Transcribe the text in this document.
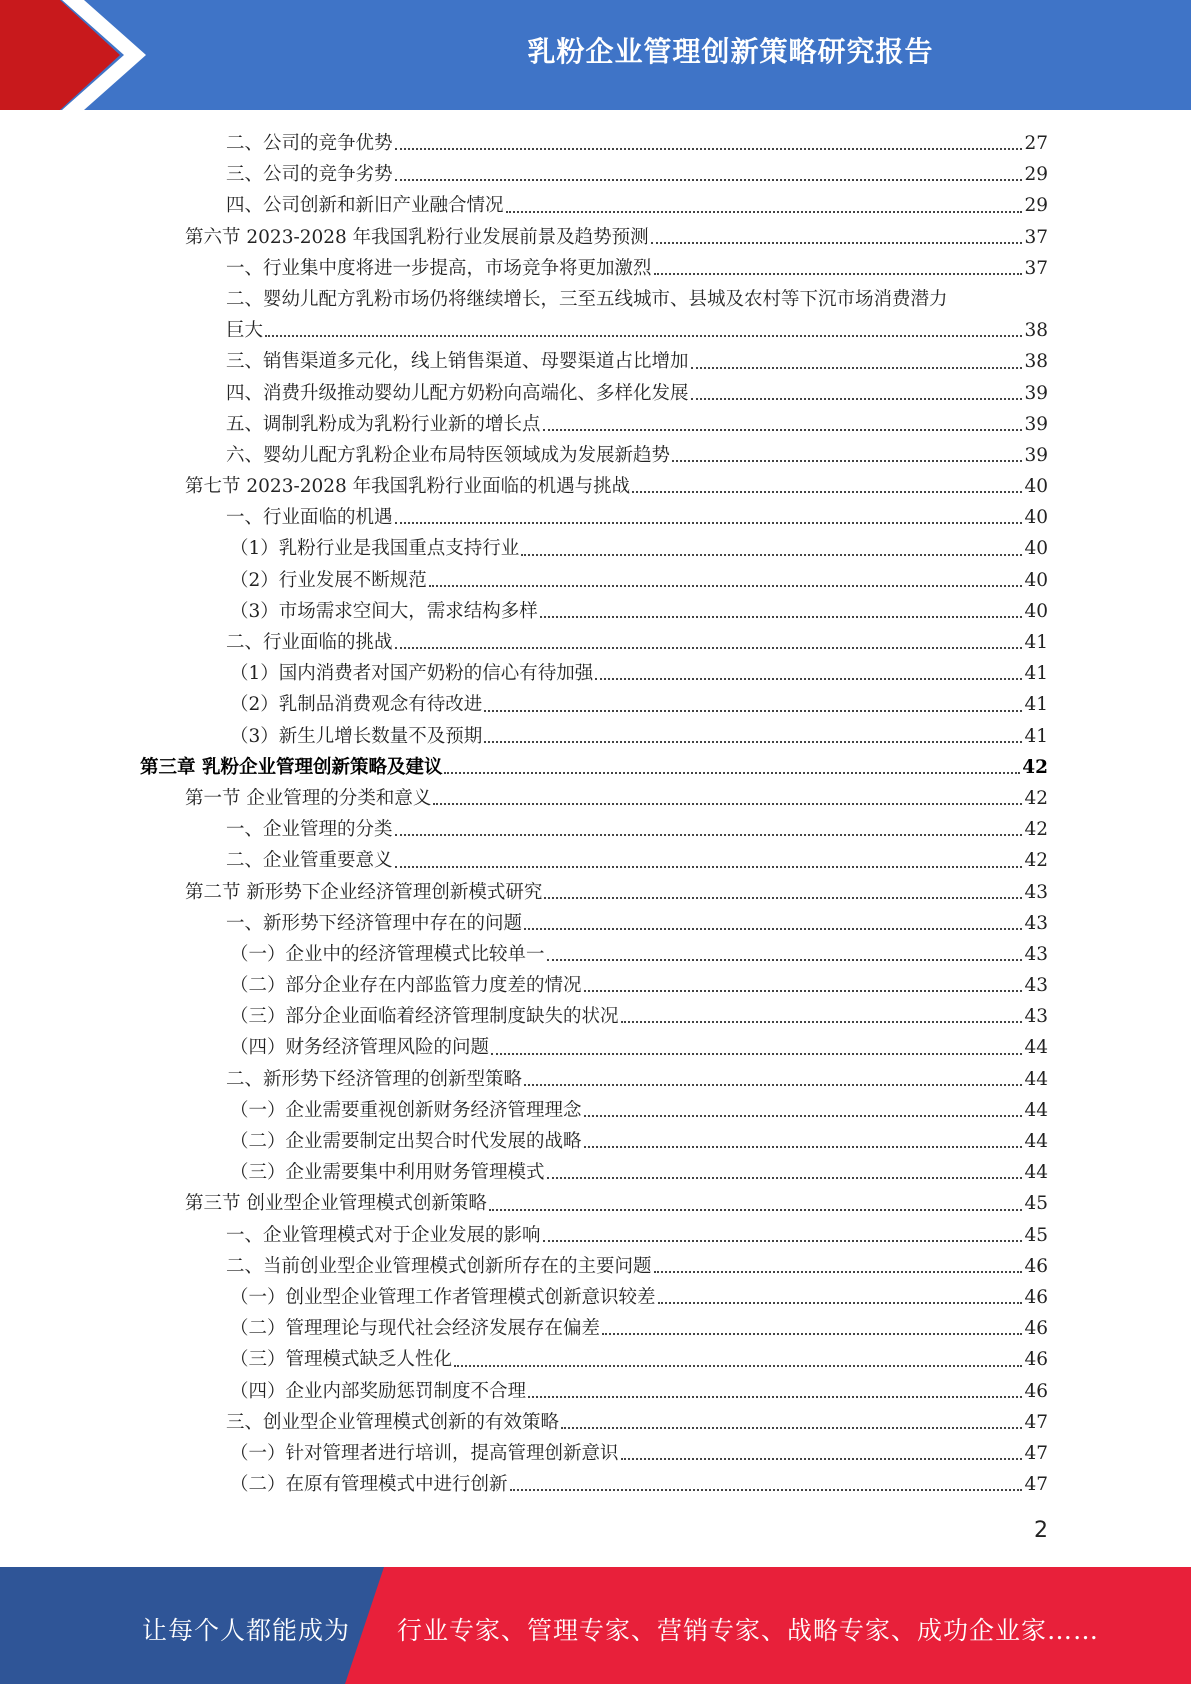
乳粉企业管理创新策略研究报告
二、公司的竞争优势	27
三、公司的竞争劣势	29
四、公司创新和新旧产业融合情况	29
第六节 2023-2028 年我国乳粉行业发展前景及趋势预测	37
一、行业集中度将进一步提高，市场竞争将更加激烈	37
二、婴幼儿配方乳粉市场仍将继续增长，三至五线城市、县城及农村等下沉市场消费潜力
巨大	38
三、销售渠道多元化，线上销售渠道、母婴渠道占比增加	38
四、消费升级推动婴幼儿配方奶粉向高端化、多样化发展	39
五、调制乳粉成为乳粉行业新的增长点	39
六、婴幼儿配方乳粉企业布局特医领域成为发展新趋势	39
第七节 2023-2028 年我国乳粉行业面临的机遇与挑战	40
一、行业面临的机遇	40
（1）乳粉行业是我国重点支持行业	40
（2）行业发展不断规范	40
（3）市场需求空间大，需求结构多样	40
二、行业面临的挑战	41
（1）国内消费者对国产奶粉的信心有待加强	41
（2）乳制品消费观念有待改进	41
（3）新生儿增长数量不及预期	41
第三章 乳粉企业管理创新策略及建议	42
第一节 企业管理的分类和意义	42
一、企业管理的分类	42
二、企业管重要意义	42
第二节 新形势下企业经济管理创新模式研究	43
一、新形势下经济管理中存在的问题	43
（一）企业中的经济管理模式比较单一	43
（二）部分企业存在内部监管力度差的情况	43
（三）部分企业面临着经济管理制度缺失的状况	43
（四）财务经济管理风险的问题	44
二、新形势下经济管理的创新型策略	44
（一）企业需要重视创新财务经济管理理念	44
（二）企业需要制定出契合时代发展的战略	44
（三）企业需要集中利用财务管理模式	44
第三节 创业型企业管理模式创新策略	45
一、企业管理模式对于企业发展的影响	45
二、当前创业型企业管理模式创新所存在的主要问题	46
（一）创业型企业管理工作者管理模式创新意识较差	46
（二）管理理论与现代社会经济发展存在偏差	46
（三）管理模式缺乏人性化	46
（四）企业内部奖励惩罚制度不合理	46
三、创业型企业管理模式创新的有效策略	47
（一）针对管理者进行培训，提高管理创新意识	47
（二）在原有管理模式中进行创新	47
2
让每个人都能成为 行业专家、管理专家、营销专家、战略专家、成功企业家……
